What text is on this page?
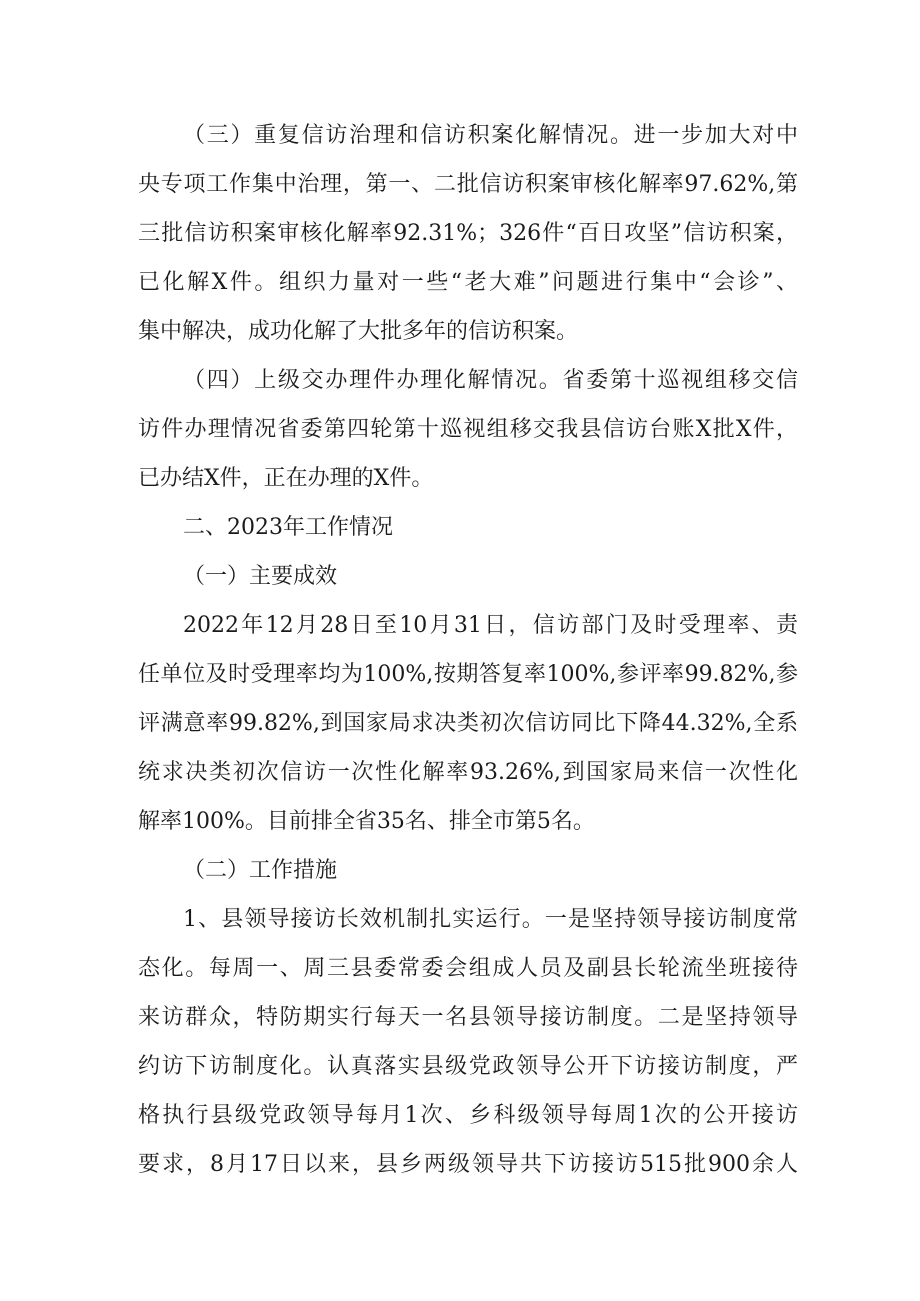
（三）重复信访治理和信访积案化解情况。进一步加大对中
央专项工作集中治理，第一、二批信访积案审核化解率97.62%,第
三批信访积案审核化解率92.31%；326件“百日攻坚”信访积案，
已化解X件。组织力量对一些“老大难”问题进行集中“会诊”、
集中解决，成功化解了大批多年的信访积案。
（四）上级交办理件办理化解情况。省委第十巡视组移交信
访件办理情况省委第四轮第十巡视组移交我县信访台账X批X件，
已办结X件，正在办理的X件。
二、2023年工作情况
（一）主要成效
2022年12月28日至10月31日，信访部门及时受理率、责
任单位及时受理率均为100%,按期答复率100%,参评率99.82%,参
评满意率99.82%,到国家局求决类初次信访同比下降44.32%,全系
统求决类初次信访一次性化解率93.26%,到国家局来信一次性化
解率100%。目前排全省35名、排全市第5名。
（二）工作措施
1、县领导接访长效机制扎实运行。一是坚持领导接访制度常
态化。每周一、周三县委常委会组成人员及副县长轮流坐班接待
来访群众，特防期实行每天一名县领导接访制度。二是坚持领导
约访下访制度化。认真落实县级党政领导公开下访接访制度，严
格执行县级党政领导每月1次、乡科级领导每周1次的公开接访
要求，8月17日以来，县乡两级领导共下访接访515批900余人
